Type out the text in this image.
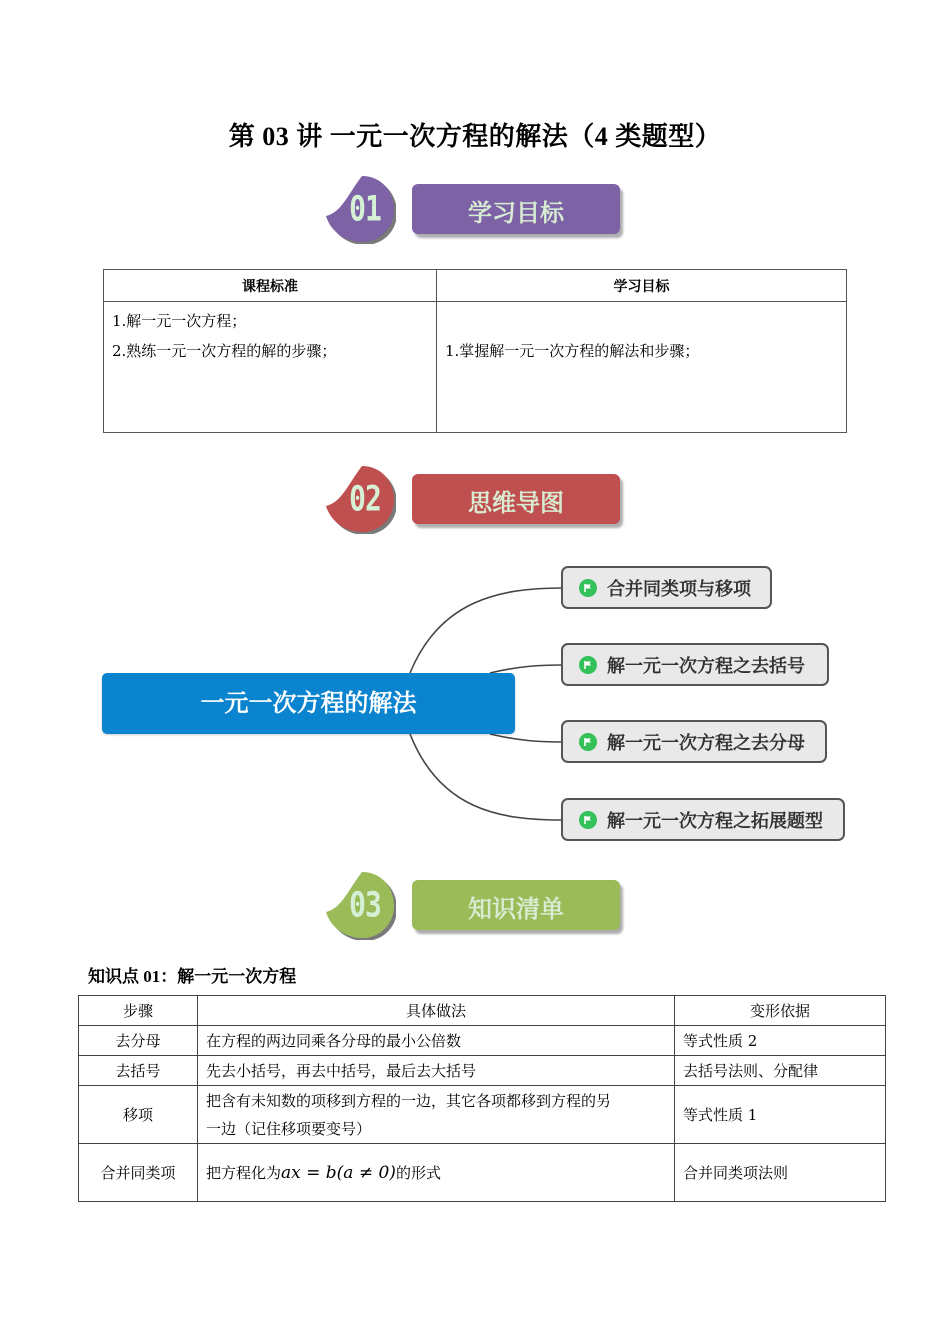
第 03 讲 一元一次方程的解法（4 类题型）
01	学习目标
课程标准	学习目标

1.解一元一次方程；
2.熟练一元一次方程的解的步骤；	1.掌握解一元一次方程的解法和步骤；
02	思维导图
一元一次方程的解法
合并同类项与移项
解一元一次方程之去括号
解一元一次方程之去分母
解一元一次方程之拓展题型
03	知识清单
知识点 01：解一元一次方程
步骤	具体做法	变形依据
去分母	在方程的两边同乘各分母的最小公倍数	等式性质 2
去括号	先去小括号，再去中括号，最后去大括号	去括号法则、分配律
移项	把含有未知数的项移到方程的一边，其它各项都移到方程的另
一边（记住移项要变号）	等式性质 1
合并同类项	把方程化为ax = b(a ≠ 0)的形式	合并同类项法则
